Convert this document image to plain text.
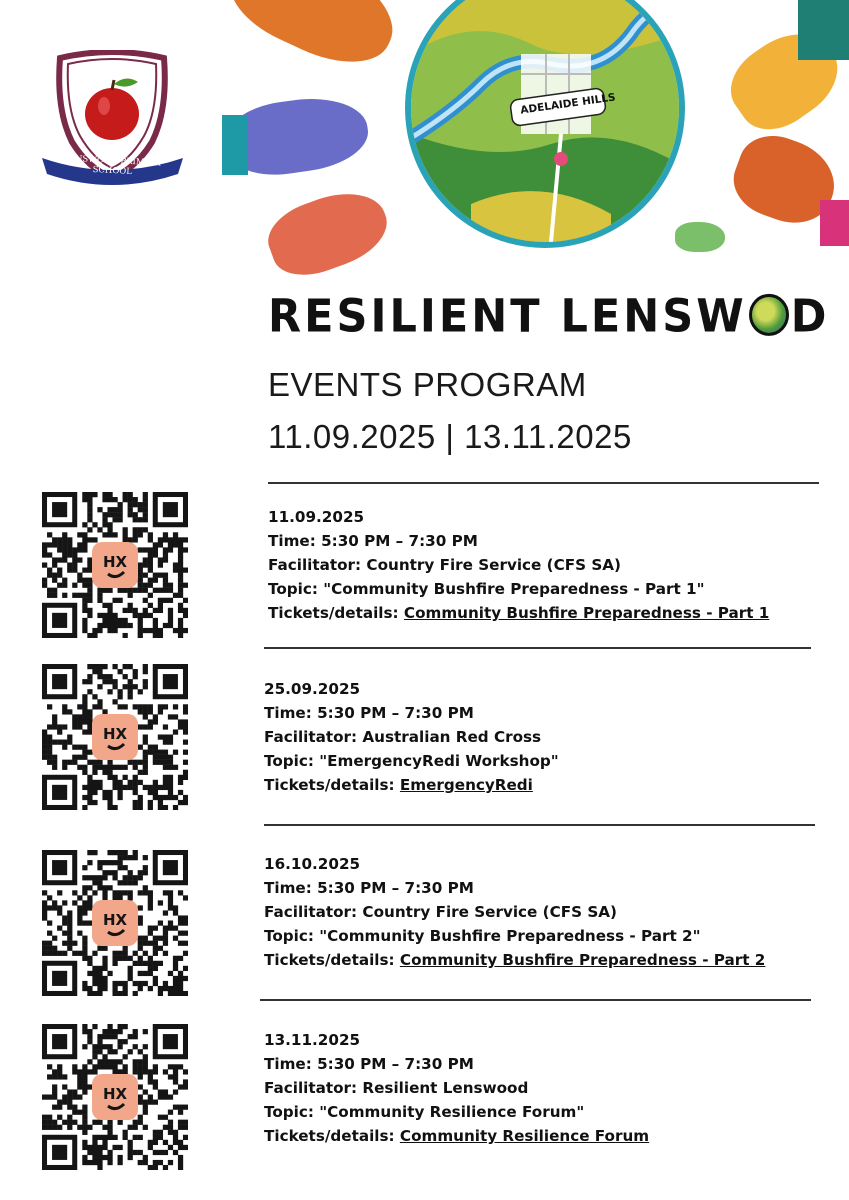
LENSWOOD PRIMARY SCHOOL
ADELAIDE HILLS
RESILIENT LENSW D
EVENTS PROGRAM
11.09.2025 | 13.11.2025
HX
HX
HX
HX
11.09.2025
Time: 5:30 PM – 7:30 PM
Facilitator: Country Fire Service (CFS SA)
Topic: "Community Bushfire Preparedness - Part 1"
Tickets/details: Community Bushfire Preparedness - Part 1
25.09.2025
Time: 5:30 PM – 7:30 PM
Facilitator: Australian Red Cross
Topic: "EmergencyRedi Workshop"
Tickets/details: EmergencyRedi
16.10.2025
Time: 5:30 PM – 7:30 PM
Facilitator: Country Fire Service (CFS SA)
Topic: "Community Bushfire Preparedness - Part 2"
Tickets/details: Community Bushfire Preparedness - Part 2
13.11.2025
Time: 5:30 PM – 7:30 PM
Facilitator: Resilient Lenswood
Topic: "Community Resilience Forum"
Tickets/details: Community Resilience Forum
